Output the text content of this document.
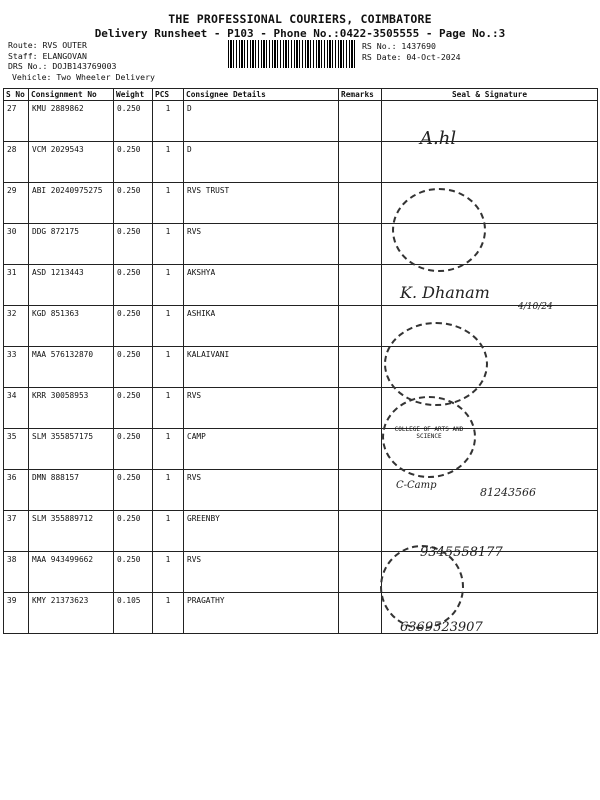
THE PROFESSIONAL COURIERS, COIMBATORE
Delivery Runsheet - P103 - Phone No.:0422-3505555 - Page No.:3
Route: RVS OUTER
Staff: ELANGOVAN
DRS No.: DOJB143769003
Vehicle: Two Wheeler Delivery
RS No.: 1437690
RS Date: 04-Oct-2024
S No	Consignment No	Weight	PCS	Consignee Details	Remarks	Seal & Signature
27	KMU 2889862	0.250	1	D		
28	VCM 2029543	0.250	1	D		
29	ABI 20240975275	0.250	1	RVS TRUST		
30	DDG 872175	0.250	1	RVS		
31	ASD 1213443	0.250	1	AKSHYA		
32	KGD 851363	0.250	1	ASHIKA		
33	MAA 576132870	0.250	1	KALAIVANI		
34	KRR 30058953	0.250	1	RVS		
35	SLM 355857175	0.250	1	CAMP		
36	DMN 888157	0.250	1	RVS		
37	SLM 355889712	0.250	1	GREENBY		
38	MAA 943499662	0.250	1	RVS		
39	KMY 21373623	0.105	1	PRAGATHY		
COLLEGE OF ARTS AND SCIENCE
A.hl
K. Dhanam
4/10/24
C-Camp
81243566
9345558177
6369523907
